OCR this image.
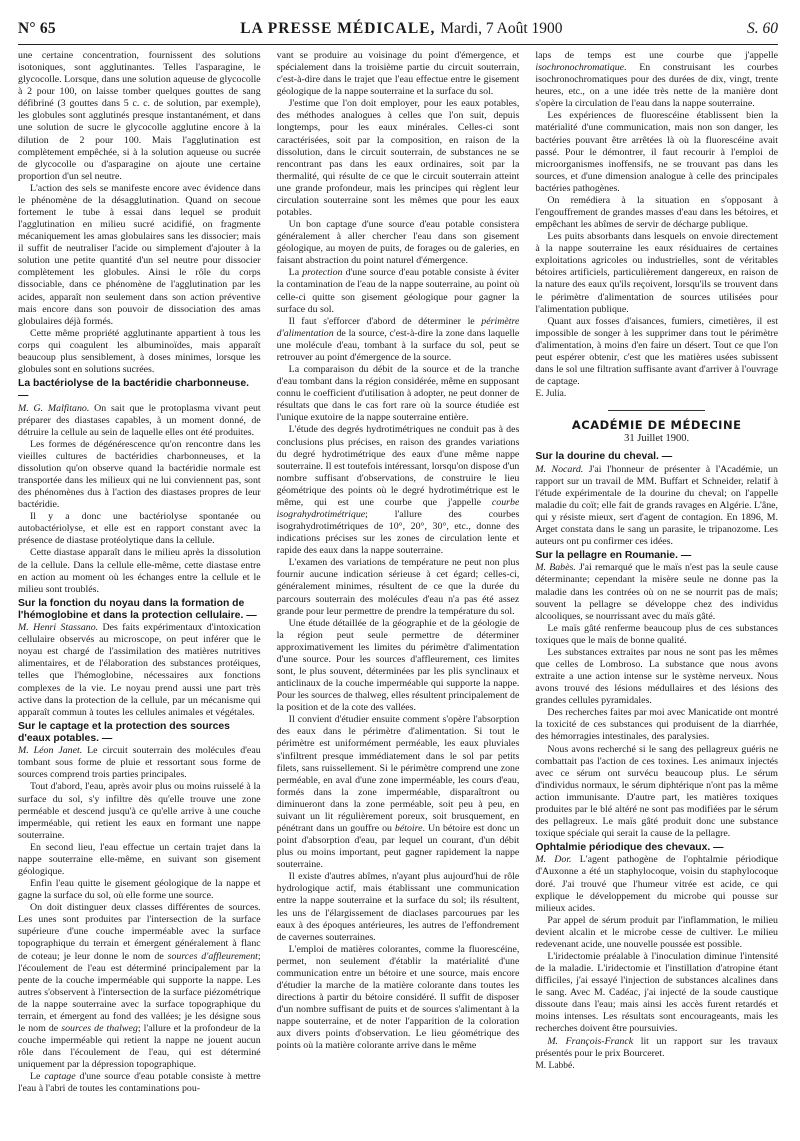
N° 65	LA PRESSE MÉDICALE, Mardi, 7 Août 1900	S. 60

une certaine concentration, fournissent des solutions isotoniques, sont agglutinantes. Telles l'asparagine, le glycocolle. Lorsque, dans une solution aqueuse de glycocolle à 2 pour 100, on laisse tomber quelques gouttes de sang défibriné (3 gouttes dans 5 c. c. de solution, par exemple), les globules sont agglutinés presque instantanément, et dans une solution de sucre le glycocolle agglutine encore à la dilution de 2 pour 100. Mais l'agglutination est complètement empêchée, si à la solution aqueuse ou sucrée de glycocolle ou d'asparagine on ajoute une certaine proportion d'un sel neutre.

L'action des sels se manifeste encore avec évidence dans le phénomène de la désagglutination. Quand on secoue fortement le tube à essai dans lequel se produit l'agglutination en milieu sucré acidifié, on fragmente mécaniquement les amas globulaires sans les dissocier; mais il suffit de neutraliser l'acide ou simplement d'ajouter à la solution une petite quantité d'un sel neutre pour dissocier complètement les globules. Ainsi le rôle du corps dissociable, dans ce phénomène de l'agglutination par les acides, apparaît non seulement dans son action préventive mais encore dans son pouvoir de dissociation des amas globulaires déjà formés.

Cette même propriété agglutinante appartient à tous les corps qui coagulent les albuminoïdes, mais apparaît beaucoup plus sensiblement, à doses minimes, lorsque les globules sont en solutions sucrées.

La bactériolyse de la bactéridie charbonneuse. —

M. G. Malfitano. On sait que le protoplasma vivant peut préparer des diastases capables, à un moment donné, de détruire la cellule au sein de laquelle elles ont été produites.

Les formes de dégénérescence qu'on rencontre dans les vieilles cultures de bactéridies charbonneuses, et la dissolution qu'on observe quand la bactéridie normale est transportée dans les milieux qui ne lui conviennent pas, sont des phénomènes dus à l'action des diastases propres de leur bactéridie.

Il y a donc une bactériolyse spontanée ou autobactériolyse, et elle est en rapport constant avec la présence de diastase protéolytique dans la cellule.

Cette diastase apparaît dans le milieu après la dissolution de la cellule. Dans la cellule elle-même, cette diastase entre en action au moment où les échanges entre la cellule et le milieu sont troublés.

Sur la fonction du noyau dans la formation de l'hémoglobine et dans la protection cellulaire. —

M. Henri Stassano. Des faits expérimentaux d'intoxication cellulaire observés au microscope, on peut inférer que le noyau est chargé de l'assimilation des matières nutritives alimentaires, et de l'élaboration des substances protéiques, telles que l'hémoglobine, nécessaires aux fonctions complexes de la vie. Le noyau prend aussi une part très active dans la protection de la cellule, par un mécanisme qui apparaît commun à toutes les cellules animales et végétales.

Sur le captage et la protection des sources d'eaux potables. —

M. Léon Janet. Le circuit souterrain des molécules d'eau tombant sous forme de pluie et ressortant sous forme de sources comprend trois parties principales.

Tout d'abord, l'eau, après avoir plus ou moins ruisselé à la surface du sol, s'y infiltre dès qu'elle trouve une zone perméable et descend jusqu'à ce qu'elle arrive à une couche imperméable, qui retient les eaux en formant une nappe souterraine.

En second lieu, l'eau effectue un certain trajet dans la nappe souterraine elle-même, en suivant son gisement géologique.

Enfin l'eau quitte le gisement géologique de la nappe et gagne la surface du sol, où elle forme une source.

On doit distinguer deux classes différentes de sources. Les unes sont produites par l'intersection de la surface supérieure d'une couche imperméable avec la surface topographique du terrain et émergent généralement à flanc de coteau; je leur donne le nom de sources d'affleurement; l'écoulement de l'eau est déterminé principalement par la pente de la couche imperméable qui supporte la nappe. Les autres s'observent à l'intersection de la surface piézométrique de la nappe souterraine avec la surface topographique du terrain, et émergent au fond des vallées; je les désigne sous le nom de sources de thalweg; l'allure et la profondeur de la couche imperméable qui retient la nappe ne jouent aucun rôle dans l'écoulement de l'eau, qui est déterminé uniquement par la dépression topographique.

Le captage d'une source d'eau potable consiste à mettre l'eau à l'abri de toutes les contaminations pou-

vant se produire au voisinage du point d'émergence, et spécialement dans la troisième partie du circuit souterrain, c'est-à-dire dans le trajet que l'eau effectue entre le gisement géologique de la nappe souterraine et la surface du sol.

J'estime que l'on doit employer, pour les eaux potables, des méthodes analogues à celles que l'on suit, depuis longtemps, pour les eaux minérales. Celles-ci sont caractérisées, soit par la composition, en raison de la dissolution, dans le circuit souterrain, de substances ne se rencontrant pas dans les eaux ordinaires, soit par la thermalité, qui résulte de ce que le circuit souterrain atteint une grande profondeur, mais les principes qui règlent leur circulation souterraine sont les mêmes que pour les eaux potables.

Un bon captage d'une source d'eau potable consistera généralement à aller chercher l'eau dans son gisement géologique, au moyen de puits, de forages ou de galeries, en faisant abstraction du point naturel d'émergence.

La protection d'une source d'eau potable consiste à éviter la contamination de l'eau de la nappe souterraine, au point où celle-ci quitte son gisement géologique pour gagner la surface du sol.

Il faut s'efforcer d'abord de déterminer le périmètre d'alimentation de la source, c'est-à-dire la zone dans laquelle une molécule d'eau, tombant à la surface du sol, peut se retrouver au point d'émergence de la source.

La comparaison du débit de la source et de la tranche d'eau tombant dans la région considérée, même en supposant connu le coefficient d'utilisation à adopter, ne peut donner de résultats que dans le cas fort rare où la source étudiée est l'unique exutoire de la nappe souterraine entière.

L'étude des degrés hydrotimétriques ne conduit pas à des conclusions plus précises, en raison des grandes variations du degré hydrotimétrique des eaux d'une même nappe souterraine. Il est toutefois intéressant, lorsqu'on dispose d'un nombre suffisant d'observations, de construire le lieu géométrique des points où le degré hydrotimétrique est le même, qui est une courbe que j'appelle courbe isograhydrotimétrique; l'allure des courbes isograhydrotimétriques de 10°, 20°, 30°, etc., donne des indications précises sur les zones de circulation lente et rapide des eaux dans la nappe souterraine.

L'examen des variations de température ne peut non plus fournir aucune indication sérieuse à cet égard; celles-ci, généralement minimes, résultent de ce que la durée du parcours souterrain des molécules d'eau n'a pas été assez grande pour leur permettre de prendre la température du sol.

Une étude détaillée de la géographie et de la géologie de la région peut seule permettre de déterminer approximativement les limites du périmètre d'alimentation d'une source. Pour les sources d'affleurement, ces limites sont, le plus souvent, déterminées par les plis synclinaux et anticlinaux de la couche imperméable qui supporte la nappe. Pour les sources de thalweg, elles résultent principalement de la position et de la cote des vallées.

Il convient d'étudier ensuite comment s'opère l'absorption des eaux dans le périmètre d'alimentation. Si tout le périmètre est uniformément perméable, les eaux pluviales s'infiltrent presque immédiatement dans le sol par petits filets, sans ruissellement. Si le périmètre comprend une zone perméable, en aval d'une zone imperméable, les cours d'eau, formés dans la zone imperméable, disparaîtront ou diminueront dans la zone perméable, soit peu à peu, en suivant un lit régulièrement poreux, soit brusquement, en pénétrant dans un gouffre ou bétoire. Un bétoire est donc un point d'absorption d'eau, par lequel un courant, d'un débit plus ou moins important, peut gagner rapidement la nappe souterraine.

Il existe d'autres abîmes, n'ayant plus aujourd'hui de rôle hydrologique actif, mais établissant une communication entre la nappe souterraine et la surface du sol; ils résultent, les uns de l'élargissement de diaclases parcourues par les eaux à des époques antérieures, les autres de l'effondrement de cavernes souterraines.

L'emploi de matières colorantes, comme la fluorescéine, permet, non seulement d'établir la matérialité d'une communication entre un bétoire et une source, mais encore d'étudier la marche de la matière colorante dans toutes les directions à partir du bétoire considéré. Il suffit de disposer d'un nombre suffisant de puits et de sources s'alimentant à la nappe souterraine, et de noter l'apparition de la coloration aux divers points d'observation. Le lieu géométrique des points où la matière colorante arrive dans le même

laps de temps est une courbe que j'appelle isochronochromatique. En construisant les courbes isochronochromatiques pour des durées de dix, vingt, trente heures, etc., on a une idée très nette de la manière dont s'opère la circulation de l'eau dans la nappe souterraine.

Les expériences de fluorescéine établissent bien la matérialité d'une communication, mais non son danger, les bactéries pouvant être arrêtées là où la fluorescéine avait passé. Pour le démontrer, il faut recourir à l'emploi de microorganismes inoffensifs, ne se trouvant pas dans les sources, et d'une dimension analogue à celle des principales bactéries pathogènes.

On remédiera à la situation en s'opposant à l'engouffrement de grandes masses d'eau dans les bétoires, et empêchant les abîmes de servir de décharge publique.

Les puits absorbants dans lesquels on envoie directement à la nappe souterraine les eaux résiduaires de certaines exploitations agricoles ou industrielles, sont de véritables bétoires artificiels, particulièrement dangereux, en raison de la nature des eaux qu'ils reçoivent, lorsqu'ils se trouvent dans le périmètre d'alimentation de sources utilisées pour l'alimentation publique.

Quant aux fosses d'aisances, fumiers, cimetières, il est impossible de songer à les supprimer dans tout le périmètre d'alimentation, à moins d'en faire un désert. Tout ce que l'on peut espérer obtenir, c'est que les matières usées subissent dans le sol une filtration suffisante avant d'arriver à l'ouvrage de captage.

E. Julia.

ACADÉMIE DE MÉDECINE
31 Juillet 1900.
Sur la dourine du cheval. —

M. Nocard. J'ai l'honneur de présenter à l'Académie, un rapport sur un travail de MM. Buffart et Schneider, relatif à l'étude expérimentale de la dourine du cheval; on l'appelle maladie du coït; elle fait de grands ravages en Algérie. L'âne, qui y résiste mieux, sert d'agent de contagion. En 1896, M. Arget constata dans le sang un parasite, le tripanozome. Les auteurs ont pu confirmer ces idées.

Sur la pellagre en Roumanie. —

M. Babès. J'ai remarqué que le maïs n'est pas la seule cause déterminante; cependant la misère seule ne donne pas la maladie dans les contrées où on ne se nourrit pas de maïs; souvent la pellagre se développe chez des individus alcooliques, se nourrissant avec du maïs gâté.

Le maïs gâté renferme beaucoup plus de ces substances toxiques que le maïs de bonne qualité.

Les substances extraites par nous ne sont pas les mêmes que celles de Lombroso. La substance que nous avons extraite a une action intense sur le système nerveux. Nous avons trouvé des lésions médullaires et des lésions des grandes cellules pyramidales.

Des recherches faites par moi avec Manicatide ont montré la toxicité de ces substances qui produisent de la diarrhée, des hémorragies intestinales, des paralysies.

Nous avons recherché si le sang des pellagreux guéris ne combattait pas l'action de ces toxines. Les animaux injectés avec ce sérum ont survécu beaucoup plus. Le sérum d'individus normaux, le sérum diphtérique n'ont pas la même action immunisante. D'autre part, les matières toxiques produites par le blé altéré ne sont pas modifiées par le sérum des pellagreux. Le maïs gâté produit donc une substance toxique spéciale qui serait la cause de la pellagre.

Ophtalmie périodique des chevaux. —

M. Dor. L'agent pathogène de l'ophtalmie périodique d'Auxonne a été un staphylocoque, voisin du staphylocoque doré. J'ai trouvé que l'humeur vitrée est acide, ce qui explique le développement du microbe qui pousse sur milieux acides.

Par appel de sérum produit par l'inflammation, le milieu devient alcalin et le microbe cesse de cultiver. Le milieu redevenant acide, une nouvelle poussée est possible.

L'iridectomie préalable à l'inoculation diminue l'intensité de la maladie. L'iridectomie et l'instillation d'atropine étant difficiles, j'ai essayé l'injection de substances alcalines dans le sang. Avec M. Cadéac, j'ai injecté de la soude caustique dissoute dans l'eau; mais ainsi les accès furent retardés et moins intenses. Les résultats sont encourageants, mais les recherches doivent être poursuivies.

M. François-Franck lit un rapport sur les travaux présentés pour le prix Bourceret.

M. Labbé.
